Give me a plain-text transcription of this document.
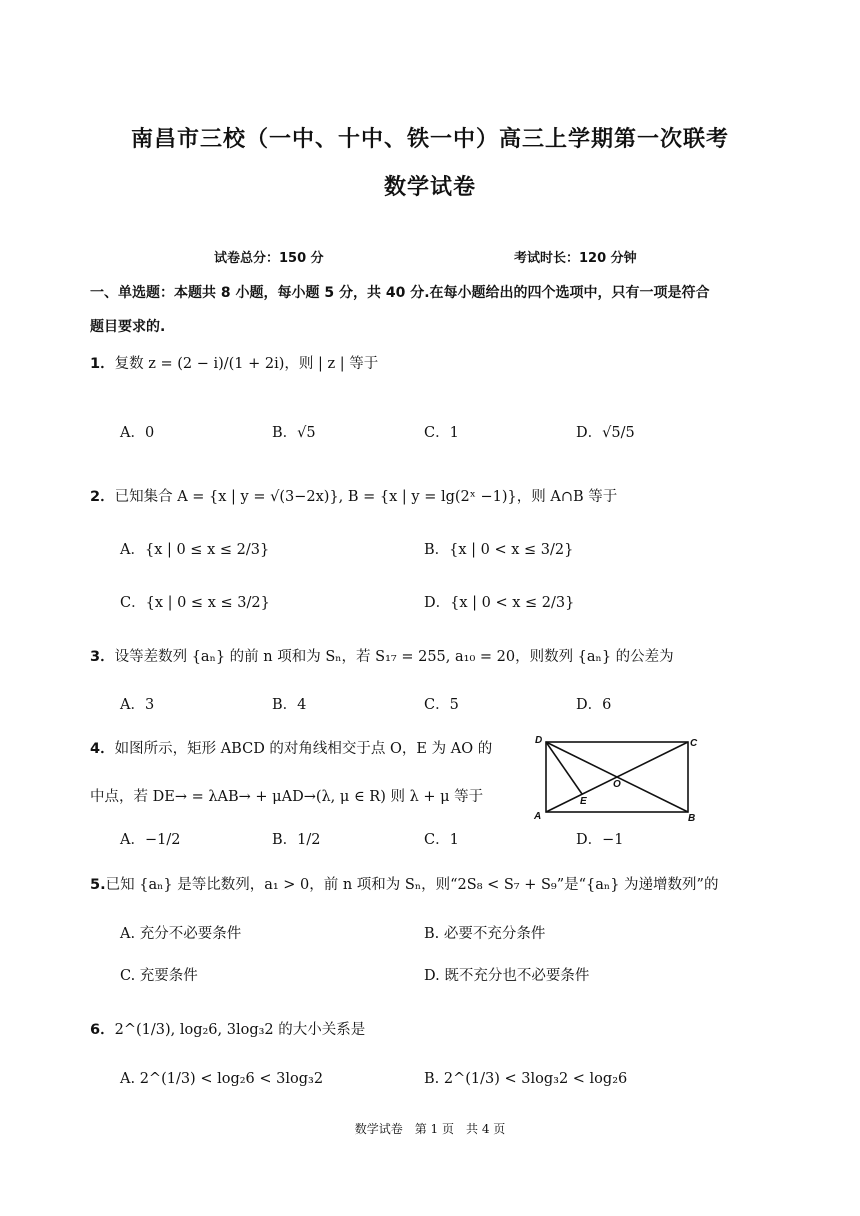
南昌市三校（一中、十中、铁一中）高三上学期第一次联考
数学试卷
试卷总分：150 分	考试时长：120 分钟
一、单选题：本题共 8 小题，每小题 5 分，共 40 分.在每小题给出的四个选项中，只有一项是符合
题目要求的.
1．复数 z = (2 − i)/(1 + 2i)，则 | z | 等于
A．0	B．√5	C．1	D．√5/5
2．已知集合 A = {x | y = √(3−2x)}, B = {x | y = lg(2ˣ −1)}，则 A∩B 等于
A．{x | 0 ≤ x ≤ 2/3}	B．{x | 0 < x ≤ 3/2}
C．{x | 0 ≤ x ≤ 3/2}	D．{x | 0 < x ≤ 2/3}
3．设等差数列 {aₙ} 的前 n 项和为 Sₙ，若 S₁₇ = 255, a₁₀ = 20，则数列 {aₙ} 的公差为
A．3	B．4	C．5	D．6
4．如图所示，矩形 ABCD 的对角线相交于点 O，E 为 AO 的
中点，若 DE→ = λAB→ + μAD→(λ, μ ∈ R) 则 λ + μ 等于
A．−1/2	B．1/2	C．1	D．−1
D	C
O
E
A	B
5.已知 {aₙ} 是等比数列，a₁ > 0，前 n 项和为 Sₙ，则“2S₈ < S₇ + S₉”是“{aₙ} 为递增数列”的
A. 充分不必要条件	B. 必要不充分条件
C. 充要条件	D. 既不充分也不必要条件
6．2^(1/3), log₂6, 3log₃2 的大小关系是
A. 2^(1/3) < log₂6 < 3log₃2	B. 2^(1/3) < 3log₃2 < log₂6
数学试卷　第 1 页　共 4 页
